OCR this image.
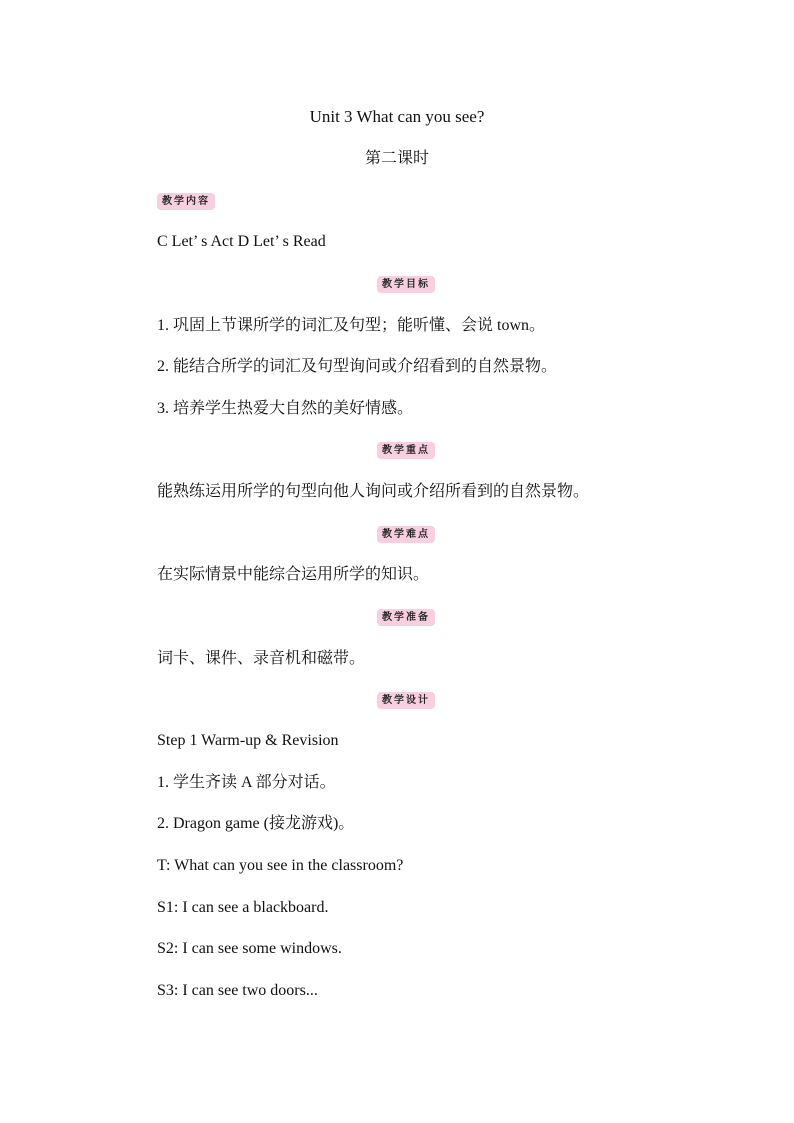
Unit 3 What can you see?
第二课时
教学内容
C Let’ s Act D Let’ s Read
教学目标
1. 巩固上节课所学的词汇及句型；能听懂、会说 town。
2. 能结合所学的词汇及句型询问或介绍看到的自然景物。
3. 培养学生热爱大自然的美好情感。
教学重点
能熟练运用所学的句型向他人询问或介绍所看到的自然景物。
教学难点
在实际情景中能综合运用所学的知识。
教学准备
词卡、课件、录音机和磁带。
教学设计
Step 1 Warm-up & Revision
1. 学生齐读 A 部分对话。
2. Dragon game (接龙游戏)。
T: What can you see in the classroom?
S1: I can see a blackboard.
S2: I can see some windows.
S3: I can see two doors...
